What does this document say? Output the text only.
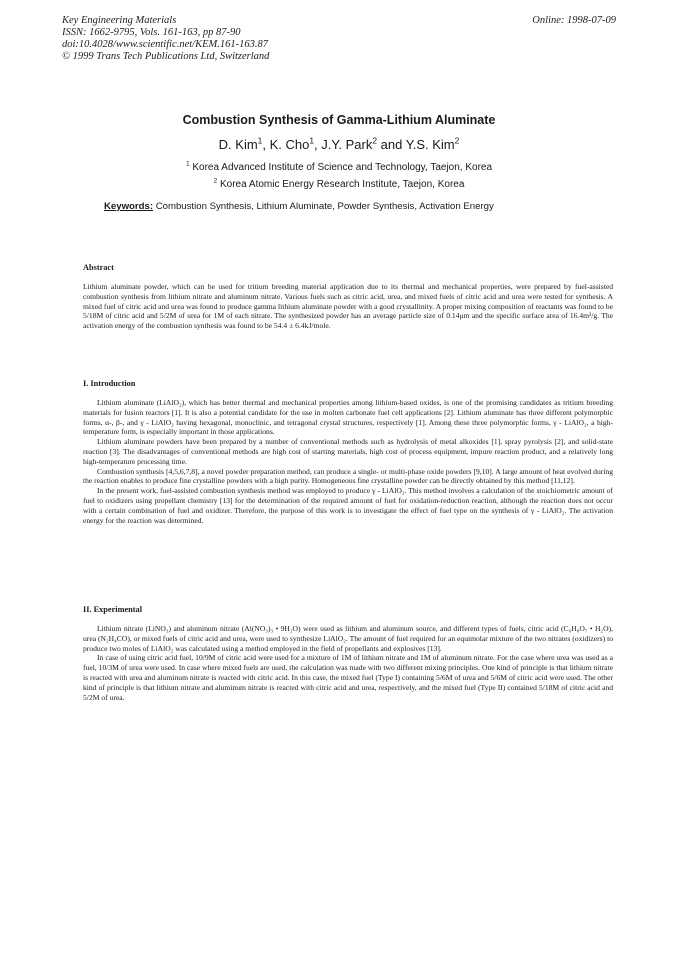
Key Engineering Materials
ISSN: 1662-9795, Vols. 161-163, pp 87-90
doi:10.4028/www.scientific.net/KEM.161-163.87
© 1999 Trans Tech Publications Ltd, Switzerland
Online: 1998-07-09
Combustion Synthesis of Gamma-Lithium Aluminate
D. Kim$^1$, K. Cho$^1$, J.Y. Park$^2$ and Y.S. Kim$^2$
$^1$ Korea Advanced Institute of Science and Technology, Taejon, Korea
$^2$ Korea Atomic Energy Research Institute, Taejon, Korea
Keywords: Combustion Synthesis, Lithium Aluminate, Powder Synthesis, Activation Energy
Abstract

Lithium aluminate powder, which can be used for tritium breeding material application due to its thermal and mechanical properties, were prepared by fuel-assisted combustion synthesis from lithium nitrate and aluminum nitrate. Various fuels such as citric acid, urea, and mixed fuels of citric acid and urea were tested for synthesis. A mixed fuel of citric acid and urea was found to produce gamma lithium aluminate powder with a good crystallinity. A proper mixing composition of reactants was found to be 5/18M of citric acid and 5/2M of urea for 1M of each nitrate. The synthesized powder has an average particle size of 0.14μm and the specific surface area of 16.4m²/g. The activation energy of the combustion synthesis was found to be 54.4 ± 6.4kJ/mole.

I. Introduction

Lithium aluminate (LiAlO₂), which has better thermal and mechanical properties among lithium-based oxides, is one of the promising candidates as tritium breeding materials for fusion reactors [1]. It is also a potential candidate for the use in molten carbonate fuel cell applications [2]. Lithium aluminate has three different polymorphic forms, α-, β-, and γ - LiAlO₂ having hexagonal, monoclinic, and tetragonal crystal structures, respectively [1]. Among these three polymorphic forms, γ - LiAlO₂, a high-temperature form, is especially important in those applications.

Lithium aluminate powders have been prepared by a number of conventional methods such as hydrolysis of metal alkoxides [1], spray pyrolysis [2], and solid-state reaction [3]. The disadvantages of conventional methods are high cost of starting materials, high cost of process equipment, impure reaction product, and a relatively long high-temperature processing time.

Combustion synthesis [4,5,6,7,8], a novel powder preparation method, can produce a single- or multi-phase oxide powders [9,10]. A large amount of heat evolved during the reaction enables to produce fine crystalline powders with a high purity. Homogeneous fine crystalline powder can be directly obtained by this method [11,12].

In the present work, fuel-assisted combustion synthesis method was employed to produce γ - LiAlO₂. This method involves a calculation of the stoichiometric amount of fuel to oxidizers using propellant chemistry [13] for the determination of the required amount of fuel for oxidation-reduction reaction, although the reaction does not occur with a certain combination of fuel and oxidizer. Therefore, the purpose of this work is to investigate the effect of fuel type on the synthesis of γ - LiAlO₂. The activation energy for the reaction was determined.

II. Experimental

Lithium nitrate (LiNO₃) and aluminum nitrate (Al(NO₃)₃ • 9H₂O) were used as lithium and aluminum source, and different types of fuels, citric acid (C₆H₈O₇ • H₂O), urea (N₂H₄CO), or mixed fuels of citric acid and urea, were used to synthesize LiAlO₂. The amount of fuel required for an equimolar mixture of the two nitrates (oxidizers) to produce two moles of LiAlO₂ was calculated using a method employed in the field of propellants and explosives [13].

In case of using citric acid fuel, 10/9M of citric acid were used for a mixture of 1M of lithium nitrate and 1M of aluminum nitrate. For the case where urea was used as a fuel, 10/3M of urea were used. In case where mixed fuels are used, the calculation was made with two different mixing principles. One kind of principle is that lithium nitrate is reacted with urea and aluminum nitrate is reacted with citric acid. In this case, the mixed fuel (Type I) containing 5/6M of urea and 5/6M of citric acid were used. The other kind of principle is that lithium nitrate and aluminum nitrate is reacted with citric acid and urea, respectively, and the mixed fuel (Type II) contained 5/18M of citric acid and 5/2M of urea.
